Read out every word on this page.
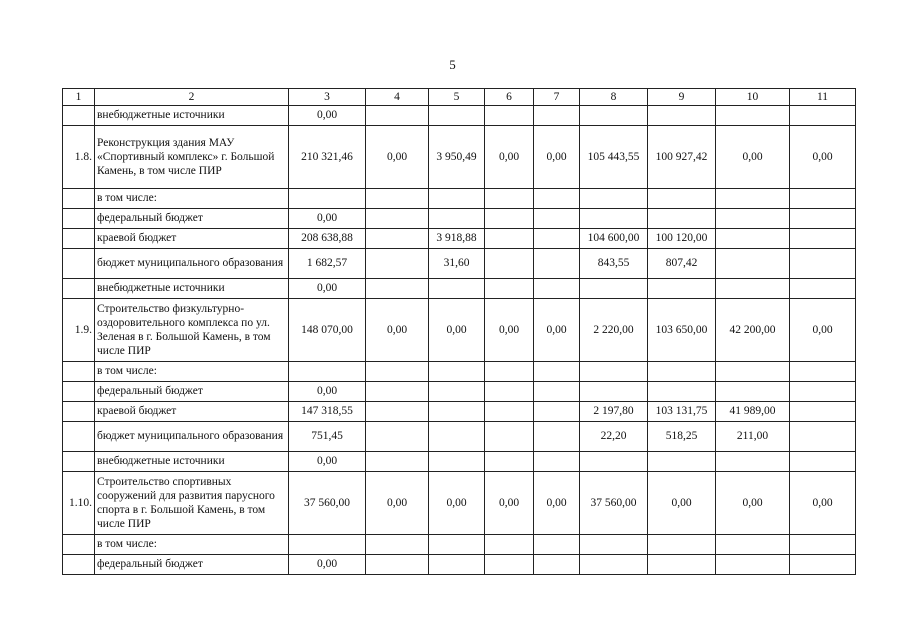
5
1	2	3	4	5	6	7	8	9	10	11
	внебюджетные источники	0,00								
1.8.	Реконструкция здания МАУ «Спортивный комплекс» г. Большой Камень, в том числе ПИР	210 321,46	0,00	3 950,49	0,00	0,00	105 443,55	100 927,42	0,00	0,00
	в том числе:									
	федеральный бюджет	0,00								
	краевой бюджет	208 638,88		3 918,88			104 600,00	100 120,00		
	бюджет муниципального образования	1 682,57		31,60			843,55	807,42		
	внебюджетные источники	0,00								
1.9.	Строительство физкультурно-оздоровительного комплекса по ул. Зеленая в г. Большой Камень, в том числе ПИР	148 070,00	0,00	0,00	0,00	0,00	2 220,00	103 650,00	42 200,00	0,00
	в том числе:									
	федеральный бюджет	0,00								
	краевой бюджет	147 318,55					2 197,80	103 131,75	41 989,00	
	бюджет муниципального образования	751,45					22,20	518,25	211,00	
	внебюджетные источники	0,00								
1.10.	Строительство спортивных сооружений для развития парусного спорта в г. Большой Камень, в том числе ПИР	37 560,00	0,00	0,00	0,00	0,00	37 560,00	0,00	0,00	0,00
	в том числе:									
	федеральный бюджет	0,00								
